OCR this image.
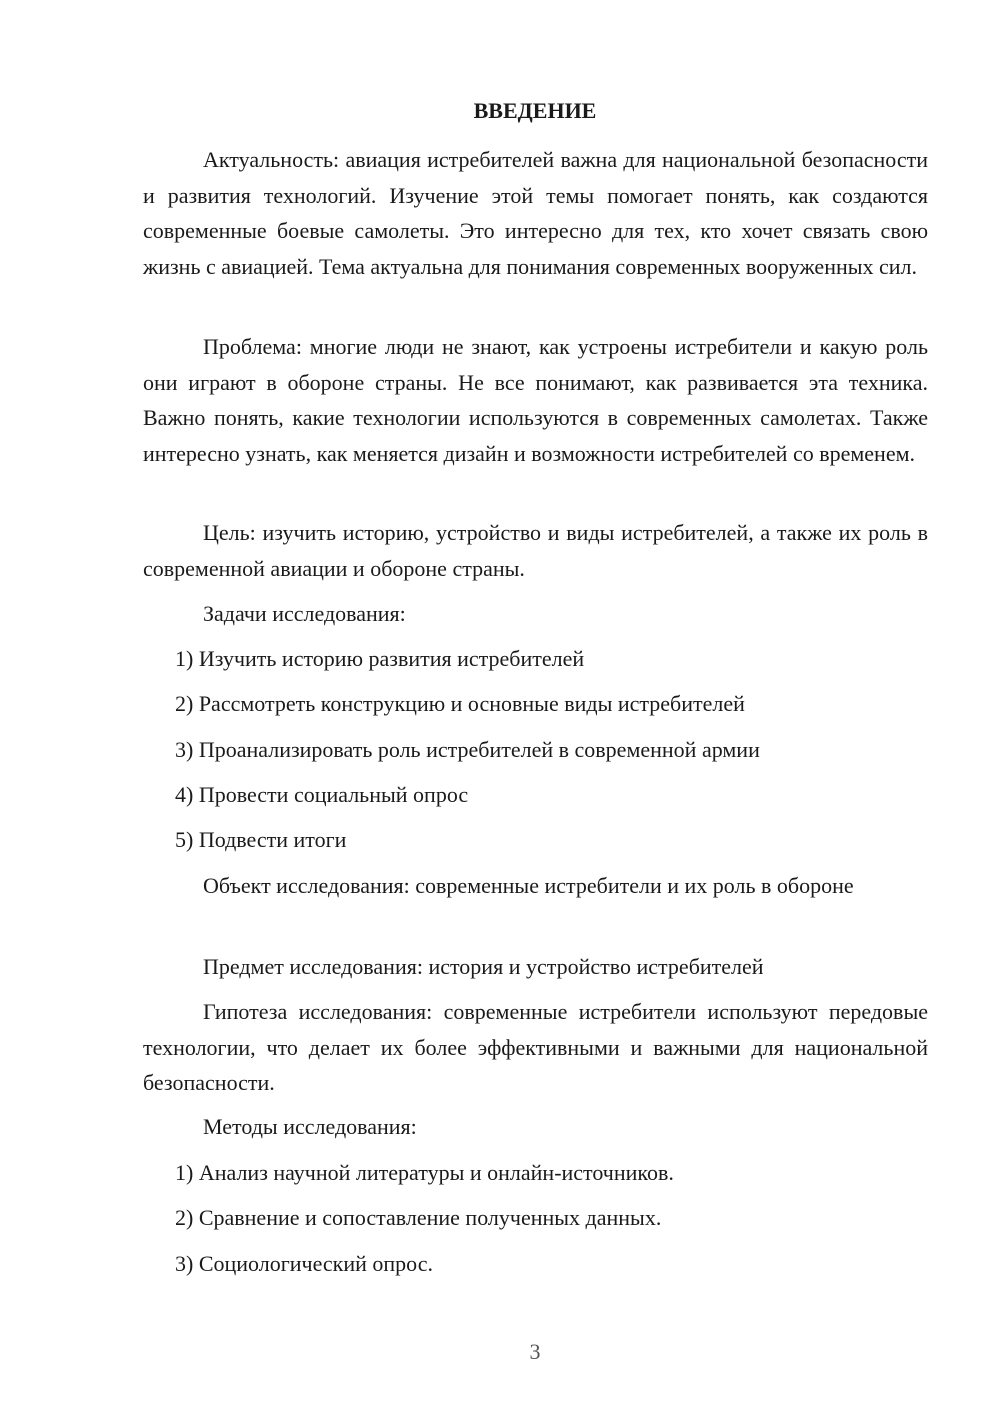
ВВЕДЕНИЕ

Актуальность: авиация истребителей важна для национальной безопасности и развития технологий. Изучение этой темы помогает понять, как создаются современные боевые самолеты. Это интересно для тех, кто хочет связать свою жизнь с авиацией. Тема актуальна для понимания современных вооруженных сил.

Проблема: многие люди не знают, как устроены истребители и какую роль они играют в обороне страны. Не все понимают, как развивается эта техника. Важно понять, какие технологии используются в современных самолетах. Также интересно узнать, как меняется дизайн и возможности истребителей со временем.

Цель: изучить историю, устройство и виды истребителей, а также их роль в современной авиации и обороне страны.

Задачи исследования:

1) Изучить историю развития истребителей

2) Рассмотреть конструкцию и основные виды истребителей

3) Проанализировать роль истребителей в современной армии

4) Провести социальный опрос

5) Подвести итоги

Объект исследования: современные истребители и их роль в обороне

Предмет исследования: история и устройство истребителей

Гипотеза исследования: современные истребители используют передовые технологии, что делает их более эффективными и важными для национальной безопасности.

Методы исследования:

1) Анализ научной литературы и онлайн-источников.

2) Сравнение и сопоставление полученных данных.

3) Социологический опрос.

3
